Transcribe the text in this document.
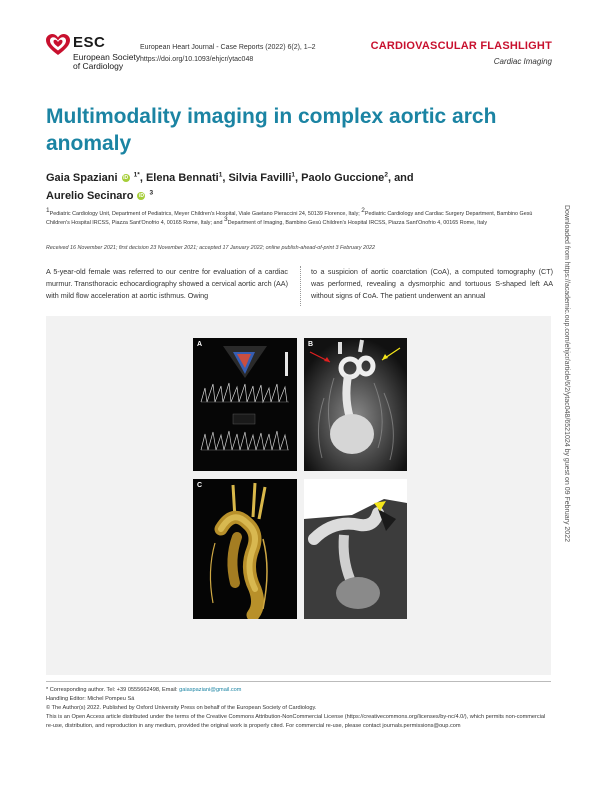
ESC
European Society
of Cardiology
European Heart Journal - Case Reports (2022) 6(2), 1–2
https://doi.org/10.1093/ehjcr/ytac048
CARDIOVASCULAR FLASHLIGHT
Cardiac Imaging
Multimodality imaging in complex aortic arch anomaly
Gaia Spaziani iD $^{1*}$, Elena Bennati$^1$, Silvia Favilli$^1$, Paolo Guccione$^2$, and
Aurelio Secinaro iD $^3$
$^1$Pediatric Cardiology Unit, Department of Pediatrics, Meyer Children's Hospital, Viale Gaetano Pieraccini 24, 50139 Florence, Italy; $^2$Pediatric Cardiology and Cardiac Surgery Department, Bambino Gesù Children's Hospital IRCSS, Piazza Sant'Onofrio 4, 00165 Rome, Italy; and $^3$Department of Imaging, Bambino Gesù Children's Hospital IRCSS, Piazza Sant'Onofrio 4, 00165 Rome, Italy
Received 16 November 2021; first decision 23 November 2021; accepted 17 January 2022; online publish-ahead-of-print 3 February 2022
A 5-year-old female was referred to our centre for evaluation of a cardiac murmur. Transthoracic echocardiography showed a cervical aortic arch (AA) with mild flow acceleration at aortic isthmus. Owing
to a suspicion of aortic coarctation (CoA), a computed tomography (CT) was performed, revealing a dysmorphic and tortuous S-shaped left AA without signs of CoA. The patient underwent an annual
A	B
C	D	Downloaded from https://academic.oup.com/ehjcr/article/6/2/ytac048/6521024 by guest on 09 February 2022
* Corresponding author. Tel: +39 0555662498, Email: gaiaspaziani@gmail.com
Handling Editor: Michel Pompeu Sá
© The Author(s) 2022. Published by Oxford University Press on behalf of the European Society of Cardiology.
This is an Open Access article distributed under the terms of the Creative Commons Attribution-NonCommercial License (https://creativecommons.org/licenses/by-nc/4.0/), which permits non-commercial re-use, distribution, and reproduction in any medium, provided the original work is properly cited. For commercial re-use, please contact journals.permissions@oup.com
